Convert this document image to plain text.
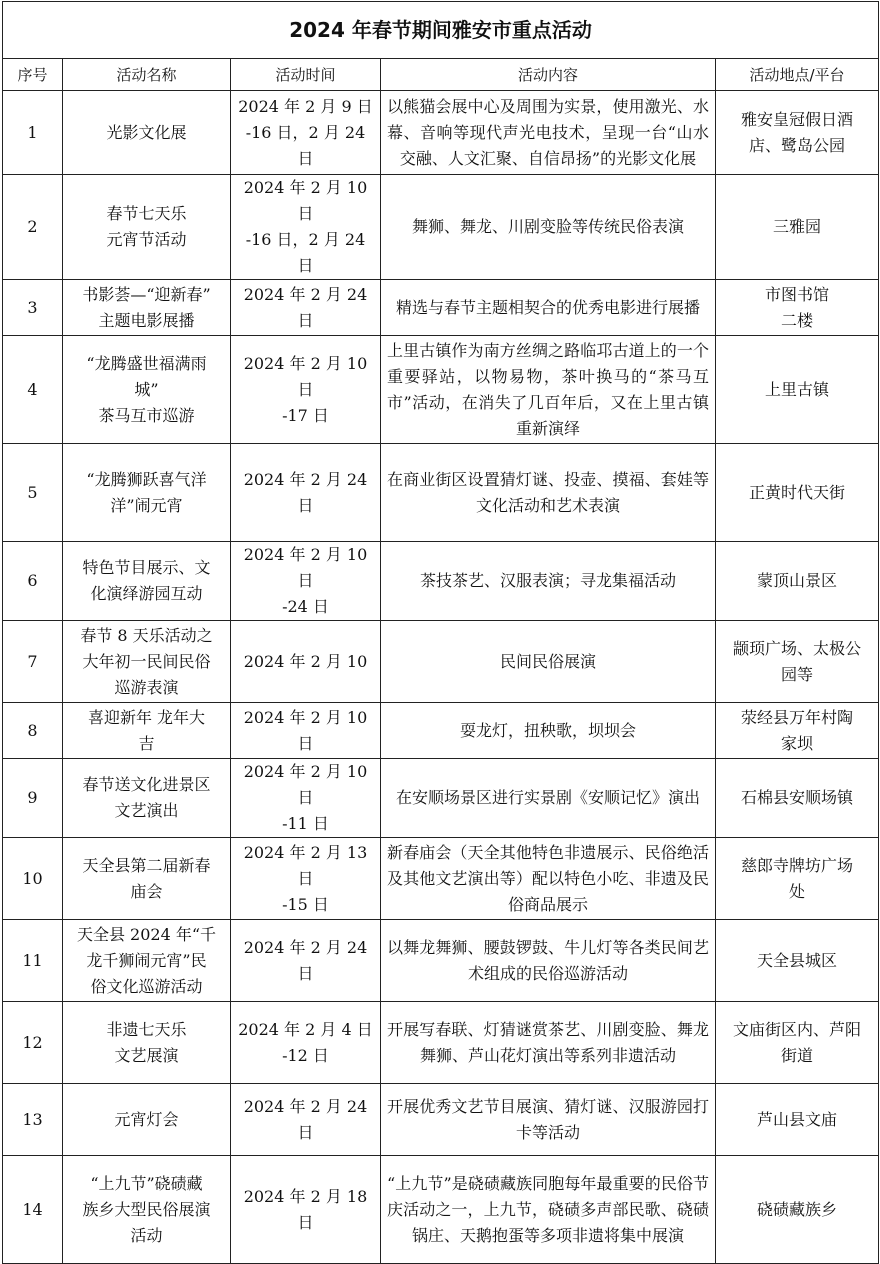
2024 年春节期间雅安市重点活动				
序号	活动名称	活动时间	活动内容	活动地点/平台
1	光影文化展	2024 年 2 月 9 日
-16 日，2 月 24
日	以熊猫会展中心及周围为实景，使用激光、水幕、音响等现代声光电技术，呈现一台“山水交融、人文汇聚、自信昂扬”的光影文化展	雅安皇冠假日酒
店、鹭岛公园

2	春节七天乐
元宵节活动	2024 年 2 月 10 日
-16 日，2 月 24
日	舞狮、舞龙、川剧变脸等传统民俗表演	三雅园

3	书影荟—“迎新春”
主题电影展播	2024 年 2 月 24 日	精选与春节主题相契合的优秀电影进行展播	市图书馆
二楼

4	“龙腾盛世福满雨
城”
茶马互市巡游	2024 年 2 月 10 日
-17 日	上里古镇作为南方丝绸之路临邛古道上的一个重要驿站，以物易物，茶叶换马的“茶马互市”活动，在消失了几百年后，又在上里古镇重新演绎	上里古镇

5	“龙腾狮跃喜气洋
洋”闹元宵	2024 年 2 月 24 日	在商业街区设置猜灯谜、投壶、摸福、套娃等文化活动和艺术表演	正黄时代天街

6	特色节目展示、文
化演绎游园互动	2024 年 2 月 10 日
-24 日	茶技茶艺、汉服表演；寻龙集福活动	蒙顶山景区

7	春节 8 天乐活动之
大年初一民间民俗
巡游表演	2024 年 2 月 10	民间民俗展演	颛顼广场、太极公
园等

8	喜迎新年 龙年大
吉	2024 年 2 月 10 日	耍龙灯，扭秧歌，坝坝会	荥经县万年村陶
家坝

9	春节送文化进景区
文艺演出	2024 年 2 月 10 日
-11 日	在安顺场景区进行实景剧《安顺记忆》演出	石棉县安顺场镇

10	天全县第二届新春
庙会	2024 年 2 月 13 日
-15 日	新春庙会（天全其他特色非遗展示、民俗绝活及其他文艺演出等）配以特色小吃、非遗及民俗商品展示	慈郎寺牌坊广场
处

11	天全县 2024 年“千
龙千狮闹元宵”民
俗文化巡游活动	2024 年 2 月 24 日	以舞龙舞狮、腰鼓锣鼓、牛儿灯等各类民间艺术组成的民俗巡游活动	天全县城区

12	非遗七天乐
文艺展演	2024 年 2 月 4 日
-12 日	开展写春联、灯猜谜赏茶艺、川剧变脸、舞龙舞狮、芦山花灯演出等系列非遗活动	文庙街区内、芦阳
街道

13	元宵灯会	2024 年 2 月 24 日	开展优秀文艺节目展演、猜灯谜、汉服游园打卡等活动	芦山县文庙

14	“上九节”硗碛藏
族乡大型民俗展演
活动	2024 年 2 月 18 日	“上九节”是硗碛藏族同胞每年最重要的民俗节庆活动之一，上九节，硗碛多声部民歌、硗碛锅庄、天鹅抱蛋等多项非遗将集中展演	硗碛藏族乡
